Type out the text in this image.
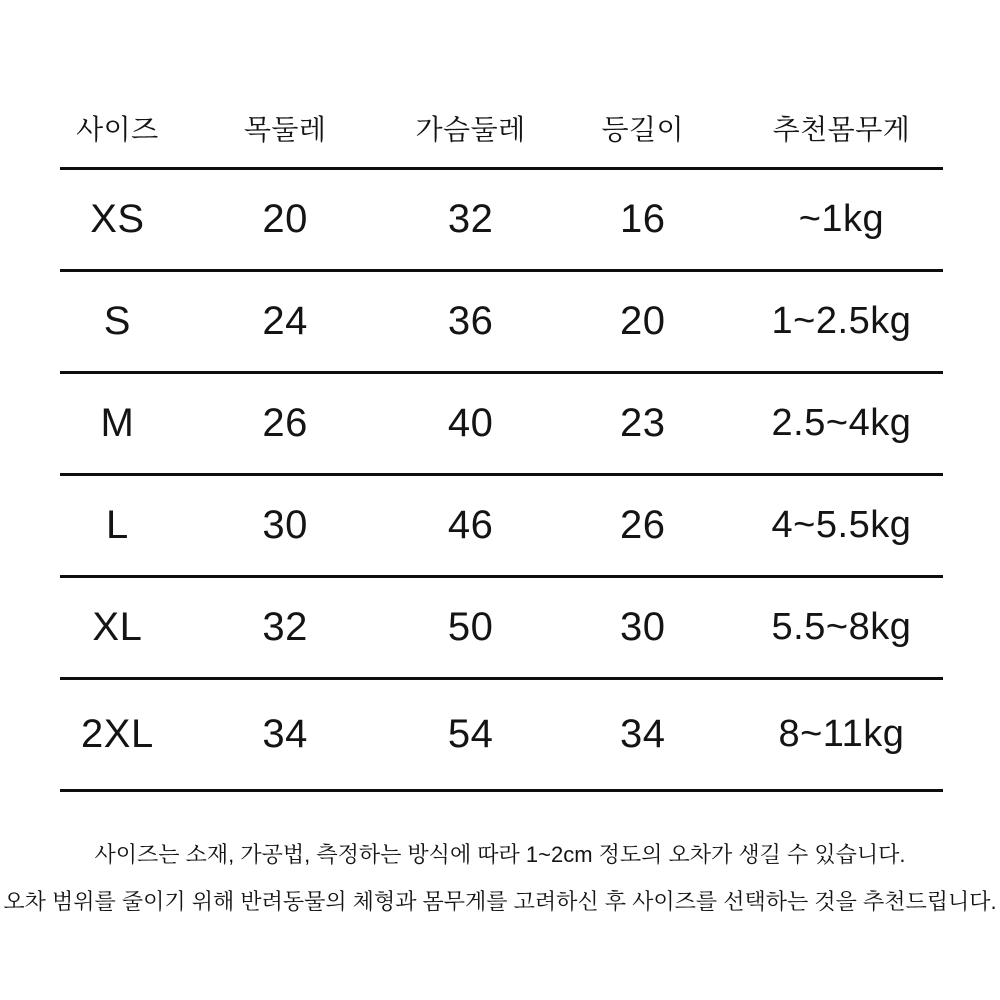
사이즈	목둘레	가슴둘레	등길이	추천몸무게
XS	20	32	16	~1kg
S	24	36	20	1~2.5kg
M	26	40	23	2.5~4kg
L	30	46	26	4~5.5kg
XL	32	50	30	5.5~8kg
2XL	34	54	34	8~11kg
사이즈는 소재, 가공법, 측정하는 방식에 따라 1~2cm 정도의 오차가 생길 수 있습니다.
오차 범위를 줄이기 위해 반려동물의 체형과 몸무게를 고려하신 후 사이즈를 선택하는 것을 추천드립니다.
